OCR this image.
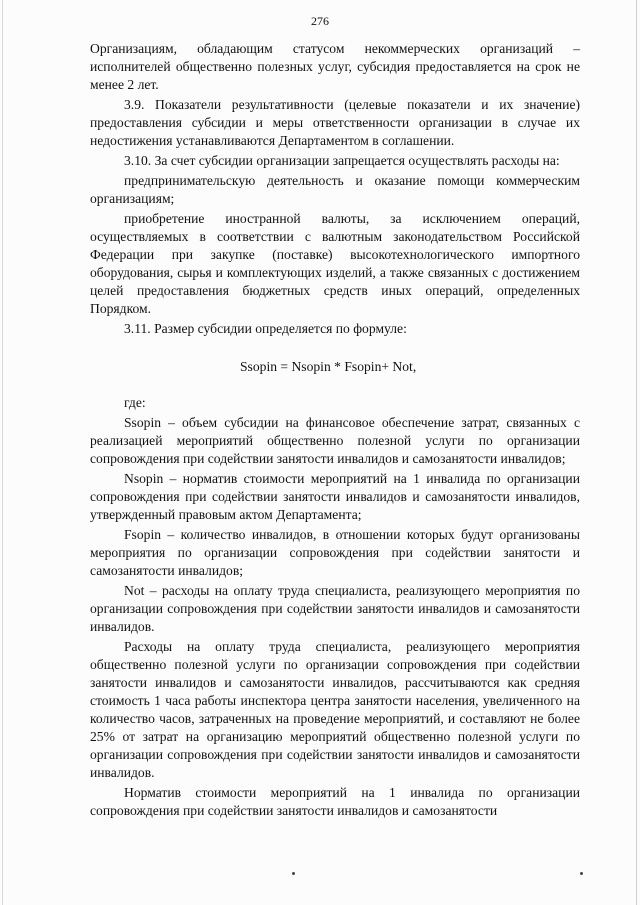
276

Организациям, обладающим статусом некоммерческих организаций – исполнителей общественно полезных услуг, субсидия предоставляется на срок не менее 2 лет.

3.9. Показатели результативности (целевые показатели и их значение) предоставления субсидии и меры ответственности организации в случае их недостижения устанавливаются Департаментом в соглашении.

3.10. За счет субсидии организации запрещается осуществлять расходы на:

предпринимательскую деятельность и оказание помощи коммерческим организациям;

приобретение иностранной валюты, за исключением операций, осуществляемых в соответствии с валютным законодательством Российской Федерации при закупке (поставке) высокотехнологического импортного оборудования, сырья и комплектующих изделий, а также связанных с достижением целей предоставления бюджетных средств иных операций, определенных Порядком.

3.11. Размер субсидии определяется по формуле:

Ssopin = Nsopin * Fsopin+ Not,

где:

Ssopin – объем субсидии на финансовое обеспечение затрат, связанных с реализацией мероприятий общественно полезной услуги по организации сопровождения при содействии занятости инвалидов и самозанятости инвалидов;

Nsopin – норматив стоимости мероприятий на 1 инвалида по организации сопровождения при содействии занятости инвалидов и самозанятости инвалидов, утвержденный правовым актом Департамента;

Fsopin – количество инвалидов, в отношении которых будут организованы мероприятия по организации сопровождения при содействии занятости и самозанятости инвалидов;

Not – расходы на оплату труда специалиста, реализующего мероприятия по организации сопровождения при содействии занятости инвалидов и самозанятости инвалидов.

Расходы на оплату труда специалиста, реализующего мероприятия общественно полезной услуги по организации сопровождения при содействии занятости инвалидов и самозанятости инвалидов, рассчитываются как средняя стоимость 1 часа работы инспектора центра занятости населения, увеличенного на количество часов, затраченных на проведение мероприятий, и составляют не более 25% от затрат на организацию мероприятий общественно полезной услуги по организации сопровождения при содействии занятости инвалидов и самозанятости инвалидов.

Норматив стоимости мероприятий на 1 инвалида по организации сопровождения при содействии занятости инвалидов и самозанятости
